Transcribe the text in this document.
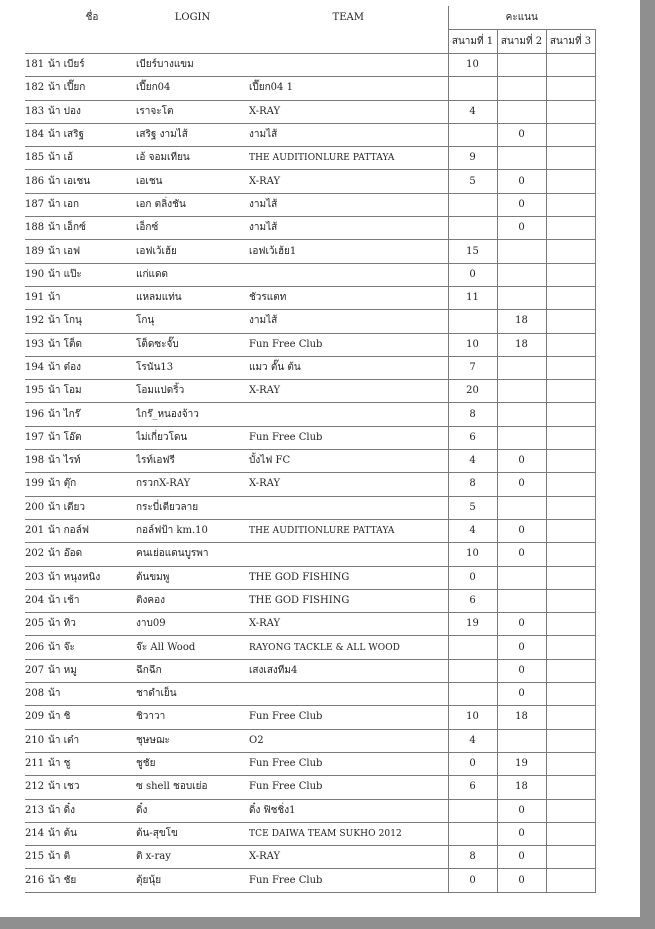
	ชื่อ	LOGIN	TEAM	คะแนน		
				สนามที่ 1	สนามที่ 2	สนามที่ 3
181	น้า เบียร์	เบียร์บางแขม		10		
182	น้า เปี๊ยก	เปี๊ยก04	เปี๊ยก04 1			
183	น้า ปอง	เราจะโต	X-RAY	4		
184	น้า เสริฐ	เสริฐ งามไส้	งามไส้		0	
185	น้า เอ้	เอ้ จอมเทียน	THE AUDITIONLURE PATTAYA	9		
186	น้า เอเชน	เอเชน	X-RAY	5	0	
187	น้า เอก	เอก ตลิ่งชัน	งามไส้		0	
188	น้า เอ็กซ์	เอ็กซ์	งามไส้		0	
189	น้า เอฟ	เอฟเว้เฮ้ย	เอฟเว้เฮ้ย1	15		
190	น้า แป๊ะ	แก่แดด		0		
191	น้า	แหลมแท่น	ชัวรแตท	11		
192	น้า โกนุ	โกนุ	งามไส้		18	
193	น้า โต็ด	โต็ดซะจั๊บ	Fun Free Club	10	18	
194	น้า ต๋อง	โรนัน13	แมว ตั๊น ต้น	7		
195	น้า โอม	โอมแปดริ้ว	X-RAY	20		
196	น้า ไกร๊	ไกร๊_หนองจ้าว		8		
197	น้า โอ๊ต	ไม่เกี่ยวโดน	Fun Free Club	6		
198	น้า ไรท์	ไรท์เอฟรี	บั้งไฟ FC	4	0	
199	น้า ตุ๊ก	กรวกX-RAY	X-RAY	8	0	
200	น้า เตียว	กระบี่เตียวลาย		5		
201	น้า กอล์ฟ	กอล์ฟป้า km.10	THE AUDITIONLURE PATTAYA	4	0	
202	น้า อ๊อด	คนเย่อแดนบูรพา		10	0	
203	น้า หนุงหนิง	ต้นขมพู	THE GOD FISHING	0		
204	น้า เช้า	ติงคอง	THE GOD FISHING	6		
205	น้า ทิว	งาบ09	X-RAY	19	0	
206	น้า จ๊ะ	จ๊ะ All Wood	RAYONG TACKLE & ALL WOOD		0	
207	น้า หมู	ฉึกฉึก	เสงเสงทีม4		0	
208	น้า	ชาดำเย็น			0	
209	น้า ชิ	ชิวาวา	Fun Free Club	10	18	
210	น้า เต๋า	ชุษษฌะ	O2	4		
211	น้า ชู	ชูชัย	Fun Free Club	0	19	
212	น้า เชว	ซ shell ชอบเย่อ	Fun Free Club	6	18	
213	น้า ดิ๋ง	ดิ๋ง	ดิ๋ง ฟิชชิ่ง1		0	
214	น้า ต้น	ต้น-สุขโข	TCE DAIWA TEAM SUKHO 2012		0	
215	น้า ติ	ติ x-ray	X-RAY	8	0	
216	น้า ชัย	ตุ้ยนุ้ย	Fun Free Club	0	0	
